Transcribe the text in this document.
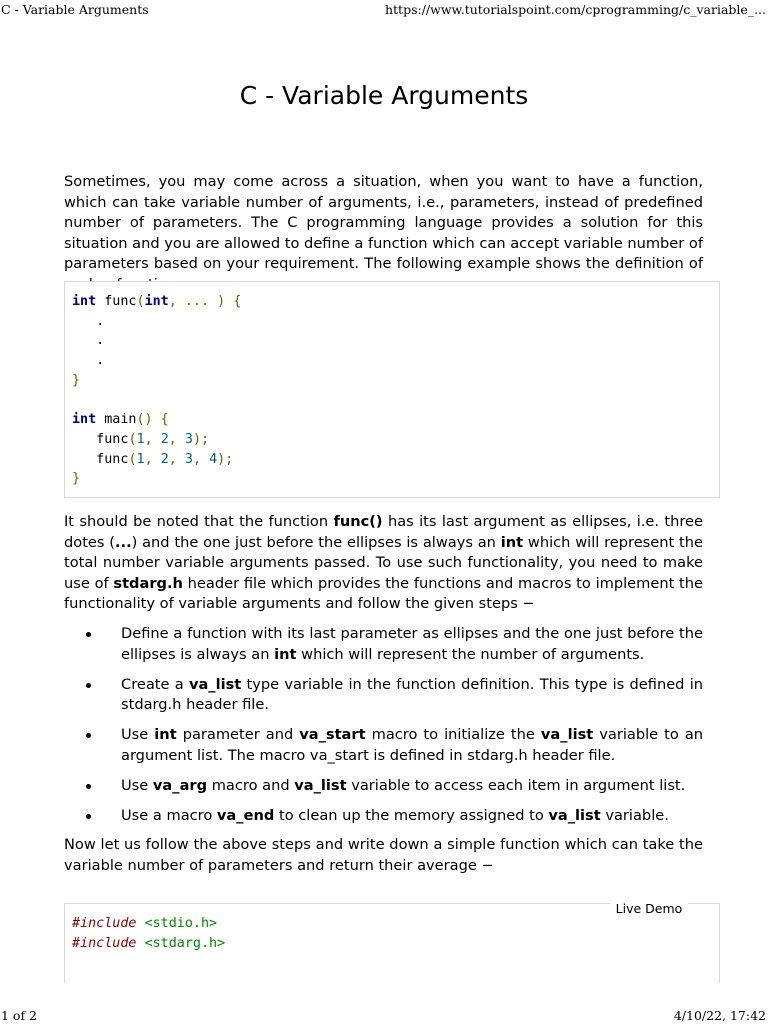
C - Variable Arguments	https://www.tutorialspoint.com/cprogramming/c_variable_...
C - Variable Arguments

Sometimes, you may come across a situation, when you want to have a function, which can take variable number of arguments, i.e., parameters, instead of predefined number of parameters. The C programming language provides a solution for this situation and you are allowed to define a function which can accept variable number of parameters based on your requirement. The following example shows the definition of

int func(int, ... ) {
.
.
.
}

int main() {
func(1, 2, 3);
func(1, 2, 3, 4);
}

It should be noted that the function func() has its last argument as ellipses, i.e. three dotes (...) and the one just before the ellipses is always an int which will represent the total number variable arguments passed. To use such functionality, you need to make use of stdarg.h header file which provides the functions and macros to implement the functionality of variable arguments and follow the given steps −

Define a function with its last parameter as ellipses and the one just before the ellipses is always an int which will represent the number of arguments.
Create a va_list type variable in the function definition. This type is defined in stdarg.h header file.
Use int parameter and va_start macro to initialize the va_list variable to an argument list. The macro va_start is defined in stdarg.h header file.
Use va_arg macro and va_list variable to access each item in argument list.
Use a macro va_end to clean up the memory assigned to va_list variable.

Now let us follow the above steps and write down a simple function which can take the variable number of parameters and return their average −

#include <stdio.h>
#include <stdarg.h>
Live Demo
1 of 2	4/10/22, 17:42
